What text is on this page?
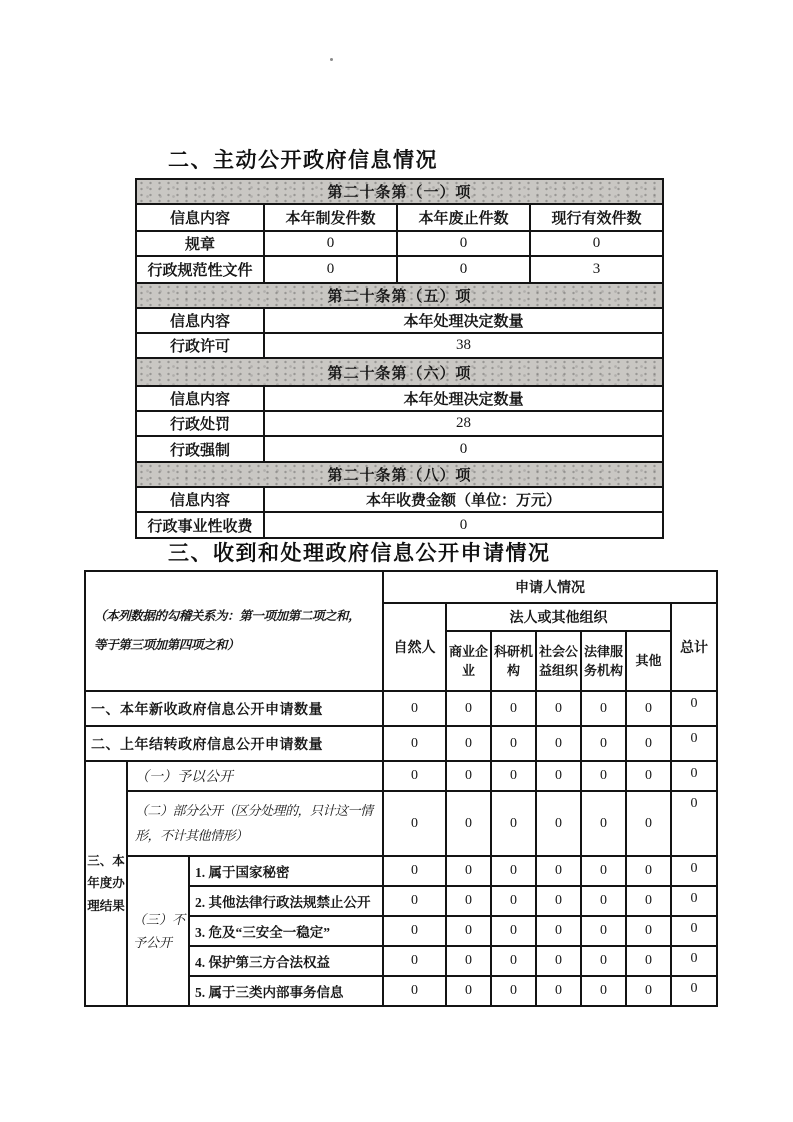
二、主动公开政府信息情况
第二十条第（一）项			
信息内容	本年制发件数	本年废止件数	现行有效件数
规章	0	0	0
行政规范性文件	0	0	3
第二十条第（五）项			
信息内容	本年处理决定数量		
行政许可	38		
第二十条第（六）项			
信息内容	本年处理决定数量		
行政处罚	28		
行政强制	0		
第二十条第（八）项			
信息内容	本年收费金额（单位：万元）		
行政事业性收费	0		
三、收到和处理政府信息公开申请情况
（本列数据的勾稽关系为：第一项加第二项之和，
等于第三项加第四项之和）			申请人情况						
			自然人	法人或其他组织					总计
				商业企业	科研机构	社会公益组织	法律服务机构	其他	
一、本年新收政府信息公开申请数量			0	0	0	0	0	0	0
二、上年结转政府信息公开申请数量			0	0	0	0	0	0	0

三、本
年度办
理结果	（一）予以公开		0	0	0	0	0	0	0

	（二）部分公开（区分处理的，只计这一情
形，不计其他情形）		0	0	0	0	0	0	0

	（三）不
予公开	1. 属于国家秘密	0	0	0	0	0	0	0
		2. 其他法律行政法规禁止公开	0	0	0	0	0	0	0
		3. 危及“三安全一稳定”	0	0	0	0	0	0	0
		4. 保护第三方合法权益	0	0	0	0	0	0	0
		5. 属于三类内部事务信息	0	0	0	0	0	0	0
